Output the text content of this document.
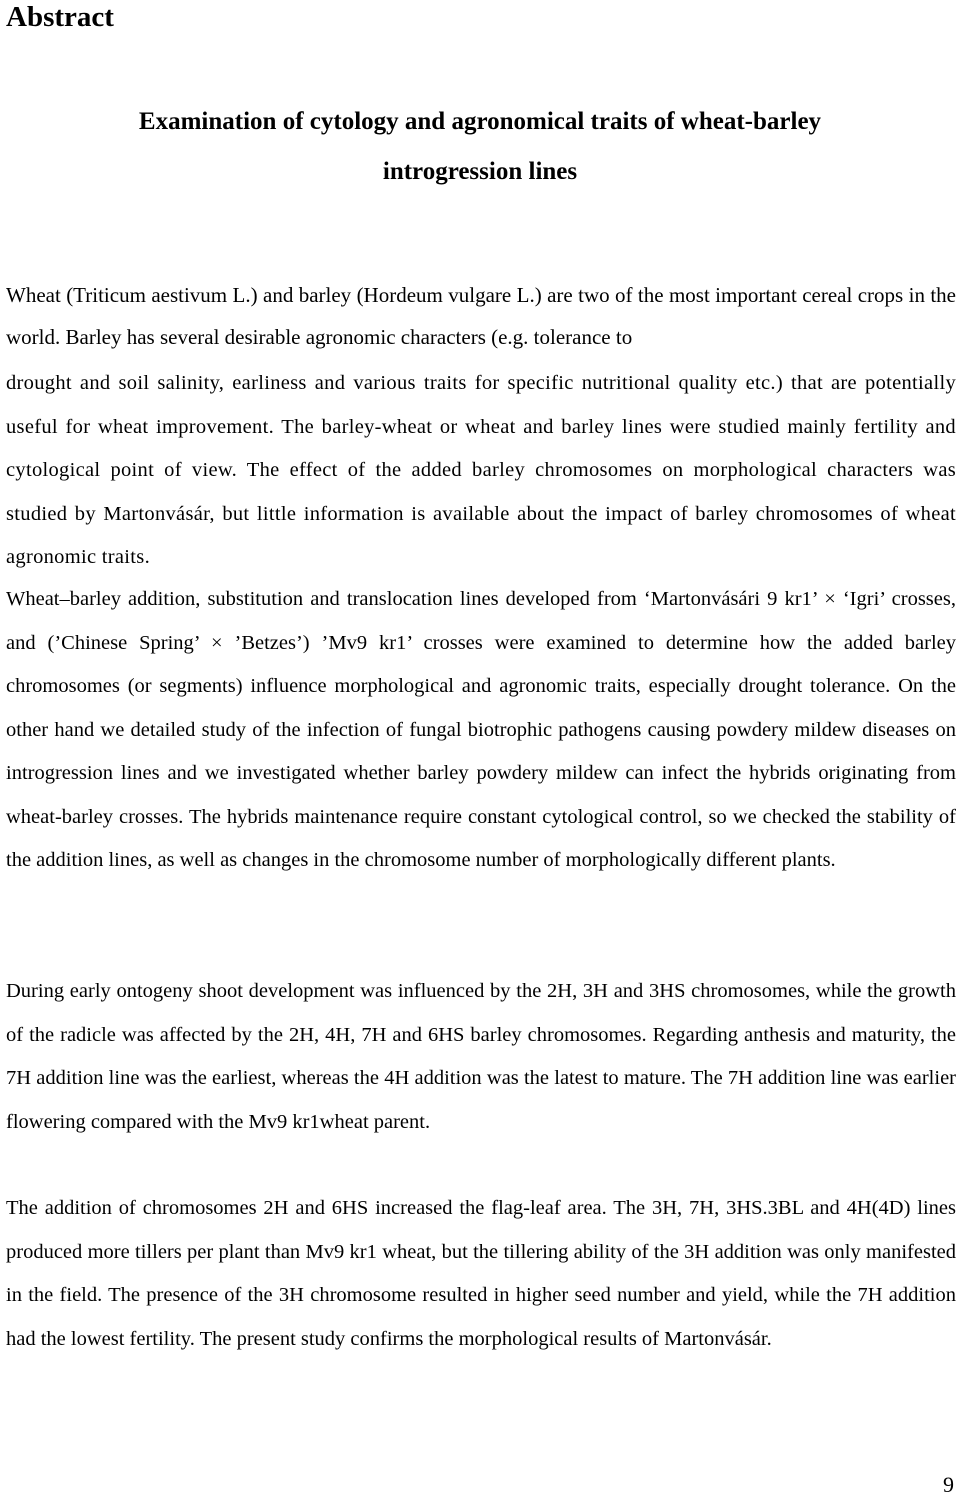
Abstract
Examination of cytology and agronomical traits of wheat-barley
introgression lines

Wheat (Triticum aestivum L.) and barley (Hordeum vulgare L.) are two of the most important cereal crops in the world. Barley has several desirable agronomic characters (e.g. tolerance to

drought and soil salinity, earliness and various traits for specific nutritional quality etc.) that are potentially useful for wheat improvement. The barley-wheat or wheat and barley lines were studied mainly fertility and cytological point of view. The effect of the added barley chromosomes on morphological characters was studied by Martonvásár, but little information is available about the impact of barley chromosomes of wheat agronomic traits.

Wheat–barley addition, substitution and translocation lines developed from ‘Martonvásári 9 kr1’ × ‘Igri’ crosses, and (’Chinese Spring’ × ’Betzes’) ’Mv9 kr1’ crosses were examined to determine how the added barley chromosomes (or segments) influence morphological and agronomic traits, especially drought tolerance. On the other hand we detailed study of the infection of fungal biotrophic pathogens causing powdery mildew diseases on introgression lines and we investigated whether barley powdery mildew can infect the hybrids originating from wheat-barley crosses. The hybrids maintenance require constant cytological control, so we checked the stability of the addition lines, as well as changes in the chromosome number of morphologically different plants.

During early ontogeny shoot development was influenced by the 2H, 3H and 3HS chromosomes, while the growth of the radicle was affected by the 2H, 4H, 7H and 6HS barley chromosomes. Regarding anthesis and maturity, the 7H addition line was the earliest, whereas the 4H addition was the latest to mature. The 7H addition line was earlier flowering compared with the Mv9 kr1wheat parent.

The addition of chromosomes 2H and 6HS increased the flag-leaf area. The 3H, 7H, 3HS.3BL and 4H(4D) lines produced more tillers per plant than Mv9 kr1 wheat, but the tillering ability of the 3H addition was only manifested in the field. The presence of the 3H chromosome resulted in higher seed number and yield, while the 7H addition had the lowest fertility. The present study confirms the morphological results of Martonvásár.

9
